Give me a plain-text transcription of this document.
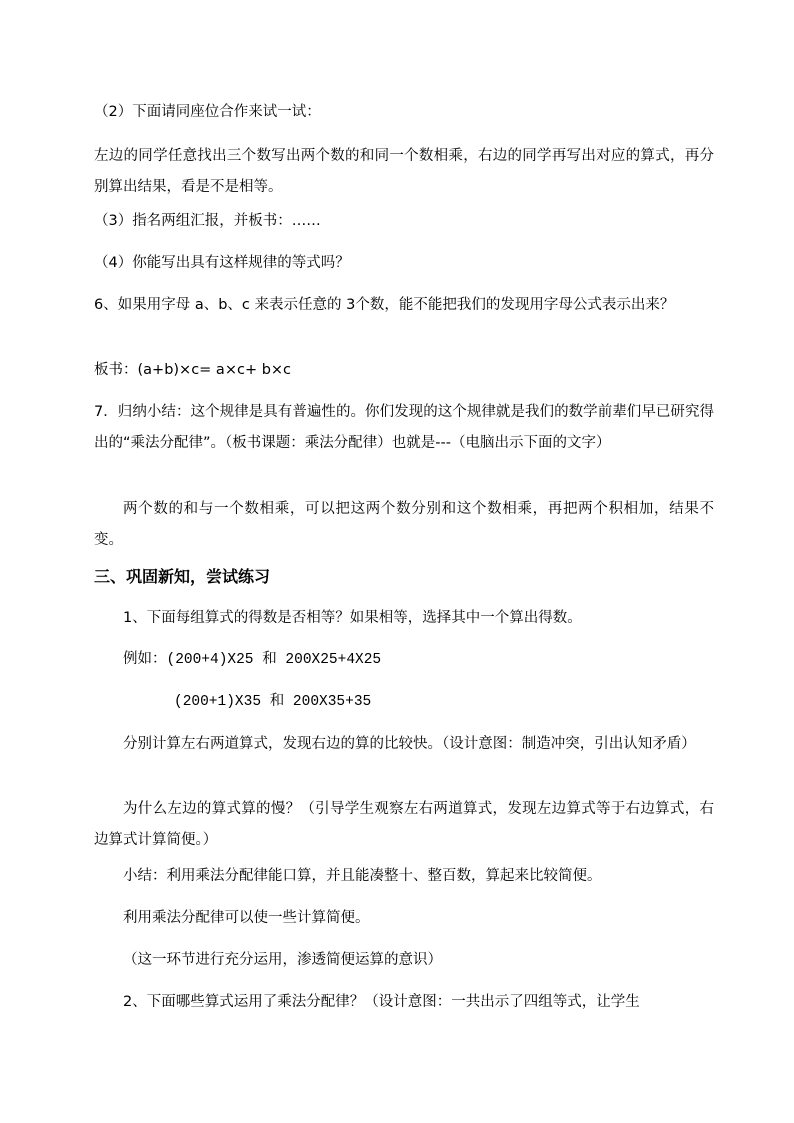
（2）下面请同座位合作来试一试：

左边的同学任意找出三个数写出两个数的和同一个数相乘，右边的同学再写出对应的算式，再分别算出结果，看是不是相等。

（3）指名两组汇报，并板书：……

（4）你能写出具有这样规律的等式吗？

6、如果用字母 a、b、c 来表示任意的 3个数，能不能把我们的发现用字母公式表示出来？

板书：(a+b)×c= a×c+ b×c

7．归纳小结：这个规律是具有普遍性的。你们发现的这个规律就是我们的数学前辈们早已研究得出的“乘法分配律”。（板书课题：乘法分配律）也就是---（电脑出示下面的文字）

两个数的和与一个数相乘，可以把这两个数分别和这个数相乘，再把两个积相加，结果不变。

三、巩固新知，尝试练习

1、下面每组算式的得数是否相等？如果相等，选择其中一个算出得数。

例如：(200+4)X25 和 200X25+4X25

(200+1)X35 和 200X35+35

分别计算左右两道算式，发现右边的算的比较快。（设计意图：制造冲突，引出认知矛盾）

为什么左边的算式算的慢？（引导学生观察左右两道算式，发现左边算式等于右边算式，右边算式计算简便。）

小结：利用乘法分配律能口算，并且能凑整十、整百数，算起来比较简便。

利用乘法分配律可以使一些计算简便。

（这一环节进行充分运用，渗透简便运算的意识）

2、下面哪些算式运用了乘法分配律？（设计意图：一共出示了四组等式，让学生
